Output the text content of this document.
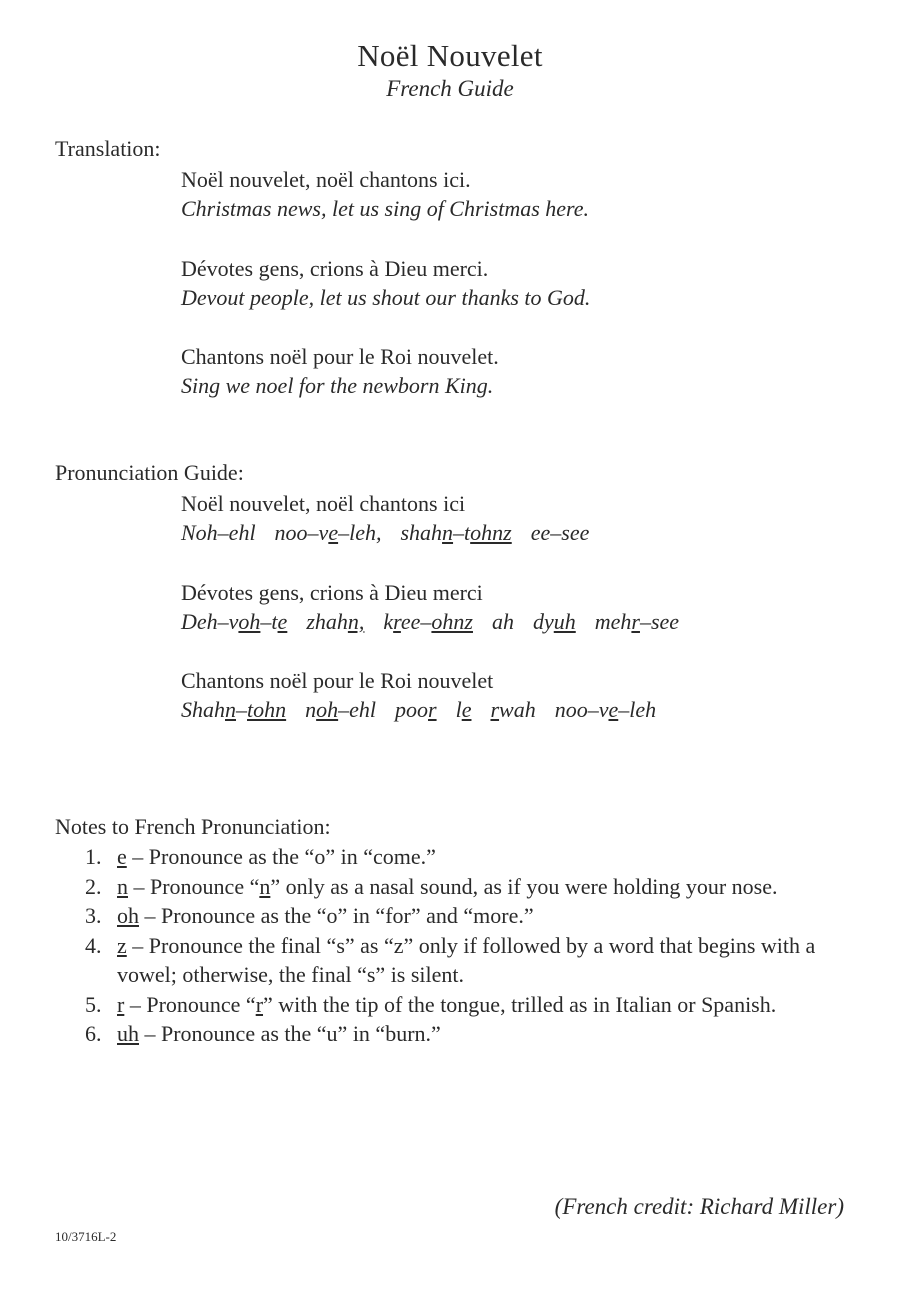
Noël Nouvelet
French Guide
Translation:
Noël nouvelet, noël chantons ici.
Christmas news, let us sing of Christmas here.
Dévotes gens, crions à Dieu merci.
Devout people, let us shout our thanks to God.
Chantons noël pour le Roi nouvelet.
Sing we noel for the newborn King.
Pronunciation Guide:
Noël nouvelet, noël chantons ici
Noh–ehl  noo–ve–leh,  shahn–tohnz  ee–see
Dévotes gens, crions à Dieu merci
Deh–voh–te  zhahn,  kree–ohnz  ah  dyuh  mehr–see
Chantons noël pour le Roi nouvelet
Shahn–tohn  noh–ehl  poor  le rwah  noo–ve–leh
Notes to French Pronunciation:
1. e – Pronounce as the “o” in “come.”
2. n – Pronounce “n” only as a nasal sound, as if you were holding your nose.
3. oh – Pronounce as the “o” in “for” and “more.”
4. z – Pronounce the final “s” as “z” only if followed by a word that begins with a vowel; otherwise, the final “s” is silent.
5. r – Pronounce “r” with the tip of the tongue, trilled as in Italian or Spanish.
6. uh – Pronounce as the “u” in “burn.”
(French credit: Richard Miller)
10/3716L-2
